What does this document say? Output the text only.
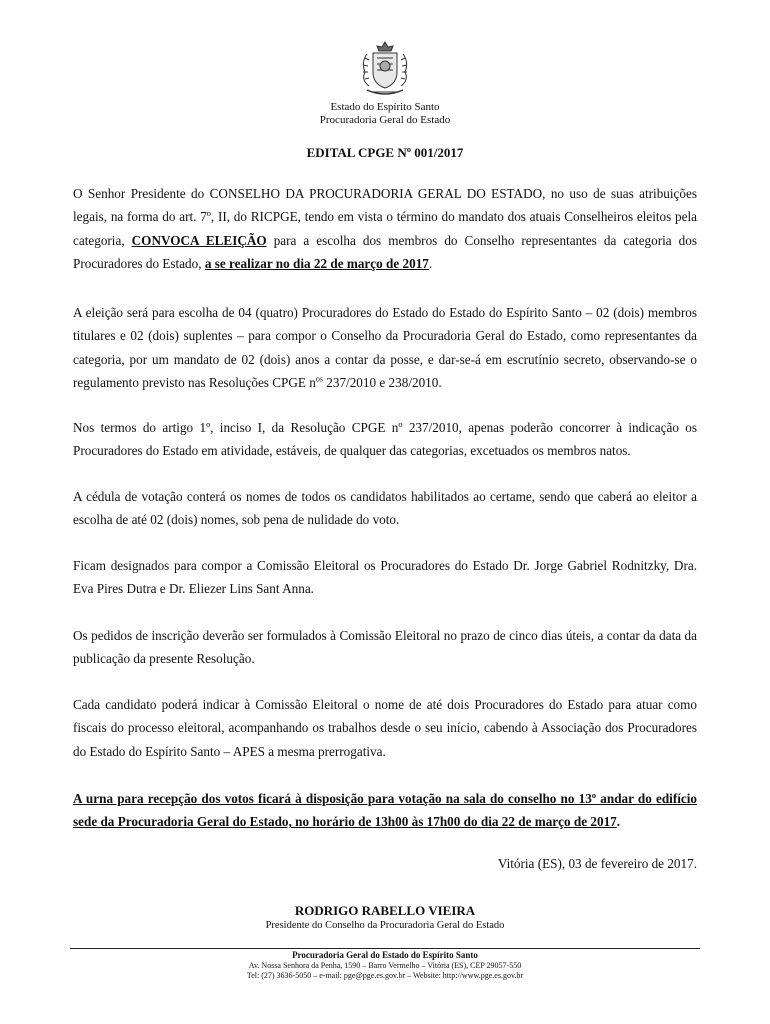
Estado do Espírito Santo
Procuradoria Geral do Estado
EDITAL CPGE Nº 001/2017

O Senhor Presidente do CONSELHO DA PROCURADORIA GERAL DO ESTADO, no uso de suas atribuições legais, na forma do art. 7º, II, do RICPGE, tendo em vista o término do mandato dos atuais Conselheiros eleitos pela categoria, CONVOCA ELEIÇÃO para a escolha dos membros do Conselho representantes da categoria dos Procuradores do Estado, a se realizar no dia 22 de março de 2017.

A eleição será para escolha de 04 (quatro) Procuradores do Estado do Estado do Espírito Santo – 02 (dois) membros titulares e 02 (dois) suplentes – para compor o Conselho da Procuradoria Geral do Estado, como representantes da categoria, por um mandato de 02 (dois) anos a contar da posse, e dar-se-á em escrutínio secreto, observando-se o regulamento previsto nas Resoluções CPGE $n^{os}$ 237/2010 e 238/2010.

Nos termos do artigo 1º, inciso I, da Resolução CPGE nº 237/2010, apenas poderão concorrer à indicação os Procuradores do Estado em atividade, estáveis, de qualquer das categorias, excetuados os membros natos.

A cédula de votação conterá os nomes de todos os candidatos habilitados ao certame, sendo que caberá ao eleitor a escolha de até 02 (dois) nomes, sob pena de nulidade do voto.

Ficam designados para compor a Comissão Eleitoral os Procuradores do Estado Dr. Jorge Gabriel Rodnitzky, Dra. Eva Pires Dutra e Dr. Eliezer Lins Sant Anna.

Os pedidos de inscrição deverão ser formulados à Comissão Eleitoral no prazo de cinco dias úteis, a contar da data da publicação da presente Resolução.

Cada candidato poderá indicar à Comissão Eleitoral o nome de até dois Procuradores do Estado para atuar como fiscais do processo eleitoral, acompanhando os trabalhos desde o seu início, cabendo à Associação dos Procuradores do Estado do Espírito Santo – APES a mesma prerrogativa.

A urna para recepção dos votos ficará à disposição para votação na sala do conselho no 13º andar do edifício sede da Procuradoria Geral do Estado, no horário de 13h00 às 17h00 do dia 22 de março de 2017.

Vitória (ES), 03 de fevereiro de 2017.
RODRIGO RABELLO VIEIRA
Presidente do Conselho da Procuradoria Geral do Estado
Procuradoria Geral do Estado do Espírito Santo
Av. Nossa Senhora da Penha, 1590 – Barro Vermelho – Vitória (ES), CEP 29057-550
Tel: (27) 3636-5050 – e-mail: pge@pge.es.gov.br – Website: http://www.pge.es.gov.br
